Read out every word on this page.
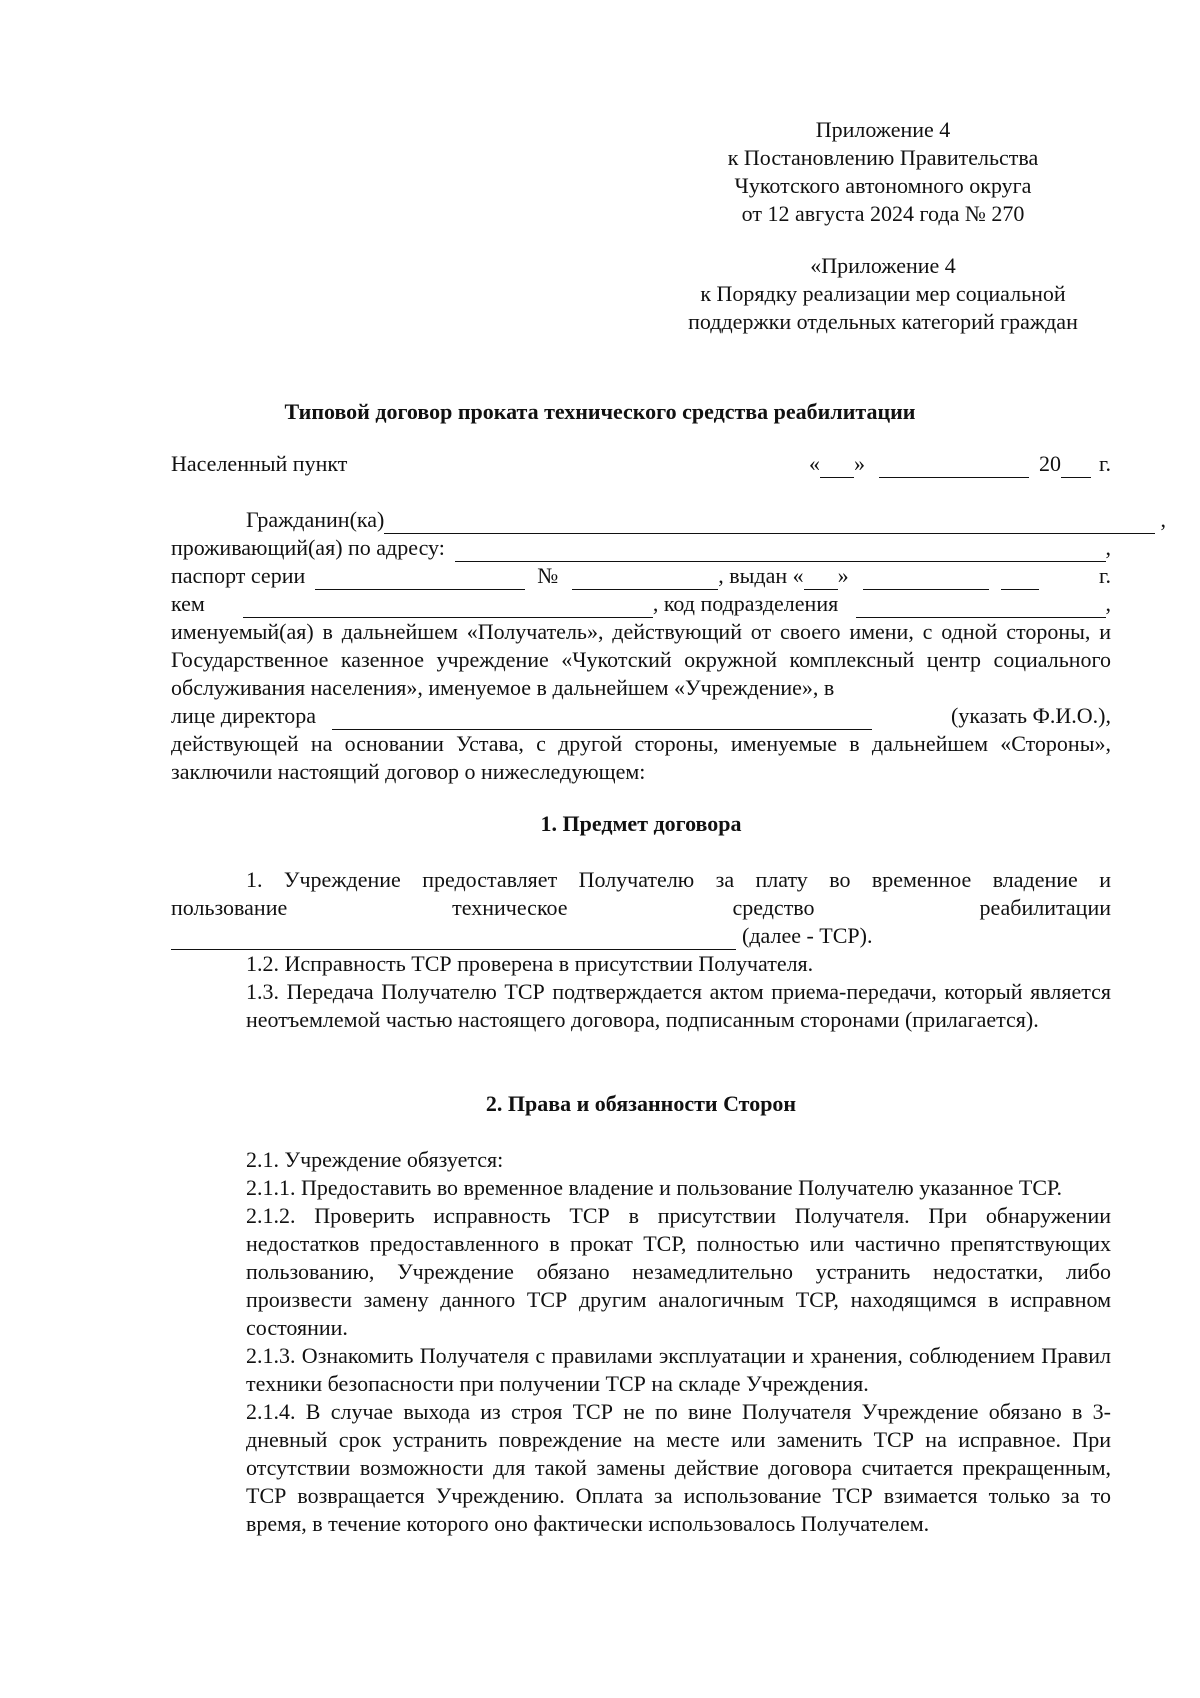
Приложение 4
к Постановлению Правительства
Чукотского автономного округа
от 12 августа 2024 года № 270
«Приложение 4
к Порядку реализации мер социальной
поддержки отдельных категорий граждан
Типовой договор проката технического средства реабилитации
Населенный пункт	« »	20 г.
Гражданин(ка)	,
проживающий(ая) по адресу:	,
паспорт серии	№	, выдан « »	г.
кем	, код подразделения	,

именуемый(ая) в дальнейшем «Получатель», действующий от своего имени, с одной стороны, и Государственное казенное учреждение «Чукотский окружной комплексный центр социального обслуживания населения», именуемое в дальнейшем «Учреждение», в

лице директора	(указать Ф.И.О.),

действующей на основании Устава, с другой стороны, именуемые в дальнейшем «Стороны», заключили настоящий договор о нижеследующем:

1. Предмет договора

1. Учреждение предоставляет Получателю за плату во временное владение и

пользование	техническое	средство	реабилитации
(далее - ТСР).

1.2. Исправность ТСР проверена в присутствии Получателя.

1.3. Передача Получателю ТСР подтверждается актом приема-передачи, который является неотъемлемой частью настоящего договора, подписанным сторонами (прилагается).

2. Права и обязанности Сторон

2.1. Учреждение обязуется:

2.1.1. Предоставить во временное владение и пользование Получателю указанное ТСР.

2.1.2. Проверить исправность ТСР в присутствии Получателя. При обнаружении недостатков предоставленного в прокат ТСР, полностью или частично препятствующих пользованию, Учреждение обязано незамедлительно устранить недостатки, либо произвести замену данного ТСР другим аналогичным ТСР, находящимся в исправном состоянии.

2.1.3. Ознакомить Получателя с правилами эксплуатации и хранения, соблюдением Правил техники безопасности при получении ТСР на складе Учреждения.

2.1.4. В случае выхода из строя ТСР не по вине Получателя Учреждение обязано в 3-дневный срок устранить повреждение на месте или заменить ТСР на исправное. При отсутствии возможности для такой замены действие договора считается прекращенным, ТСР возвращается Учреждению. Оплата за использование ТСР взимается только за то время, в течение которого оно фактически использовалось Получателем.
